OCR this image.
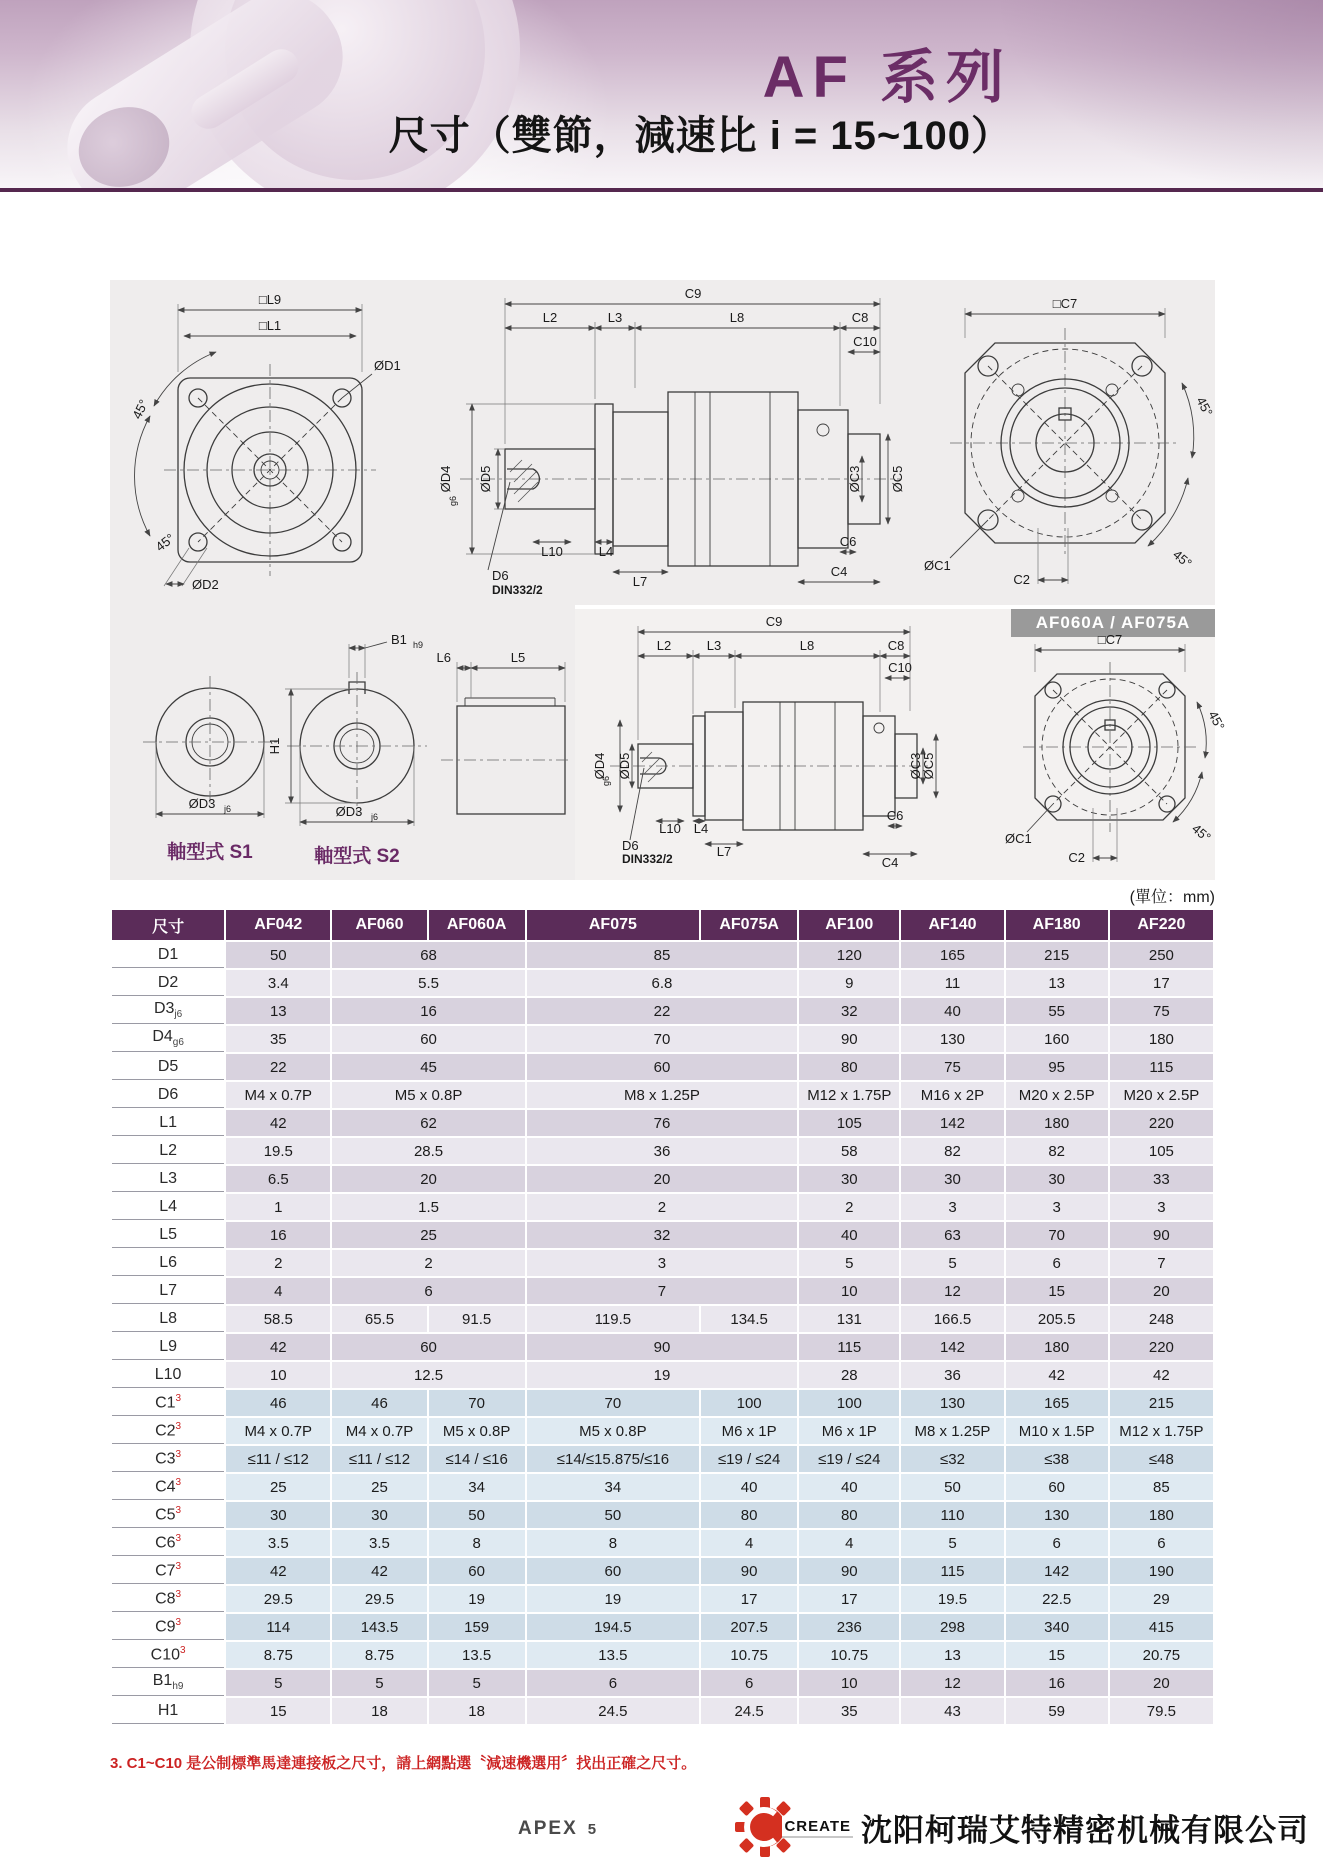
AF 系列
尺寸（雙節，減速比 i = 15~100）
AF060A / AF075A
□L9
□L1
45°
45°
ØD1
ØD2
C9
L2	L3	L8	C8
C10
ØD4
g6
ØD5	ØC3 ØC5
L10	L4
L7
D6
DIN332/2
C6
C4
□C7
45°
45°
ØC1
C2
ØD3 j6
軸型式 S1
B1 h9
H1
ØD3 j6
軸型式 S2
L6	L5
C9
L2	L3	L8	C8
C10
ØD4
g6
ØD5	ØC3
ØC5
L10 L4
L7
D6
DIN332/2
C6
C4
□C7
45°
45°
ØC1
C2
(單位：mm)
尺寸	AF042	AF060	AF060A	AF075	AF075A	AF100	AF140	AF180	AF220
D1	50	68		85		120	165	215	250
D2	3.4	5.5		6.8		9	11	13	17
$D3_{j6}$	13	16		22		32	40	55	75
$D4_{g6}$	35	60		70		90	130	160	180
D5	22	45		60		80	75	95	115
D6	M4 x 0.7P	M5 x 0.8P		M8 x 1.25P		M12 x 1.75P	M16 x 2P	M20 x 2.5P	M20 x 2.5P
L1	42	62		76		105	142	180	220
L2	19.5	28.5		36		58	82	82	105
L3	6.5	20		20		30	30	30	33
L4	1	1.5		2		2	3	3	3
L5	16	25		32		40	63	70	90
L6	2	2		3		5	5	6	7
L7	4	6		7		10	12	15	20
L8	58.5	65.5	91.5	119.5	134.5	131	166.5	205.5	248
L9	42	60		90		115	142	180	220
L10	10	12.5		19		28	36	42	42
$C1^3$	46	46	70	70	100	100	130	165	215
$C2^3$	M4 x 0.7P	M4 x 0.7P	M5 x 0.8P	M5 x 0.8P	M6 x 1P	M6 x 1P	M8 x 1.25P	M10 x 1.5P	M12 x 1.75P
$C3^3$	≤11 / ≤12	≤11 / ≤12	≤14 / ≤16	≤14/≤15.875/≤16	≤19 / ≤24	≤19 / ≤24	≤32	≤38	≤48
$C4^3$	25	25	34	34	40	40	50	60	85
$C5^3$	30	30	50	50	80	80	110	130	180
$C6^3$	3.5	3.5	8	8	4	4	5	6	6
$C7^3$	42	42	60	60	90	90	115	142	190
$C8^3$	29.5	29.5	19	19	17	17	19.5	22.5	29
$C9^3$	114	143.5	159	194.5	207.5	236	298	340	415
$C10^3$	8.75	8.75	13.5	13.5	10.75	10.75	13	15	20.75
$B1_{h9}$	5	5	5	6	6	10	12	16	20
H1	15	18	18	24.5	24.5	35	43	59	79.5
3. C1~C10 是公制標準馬達連接板之尺寸，請上網點選〝減速機選用〞找出正確之尺寸。
APEX 5	CREATE 沈阳柯瑞艾特精密机械有限公司
